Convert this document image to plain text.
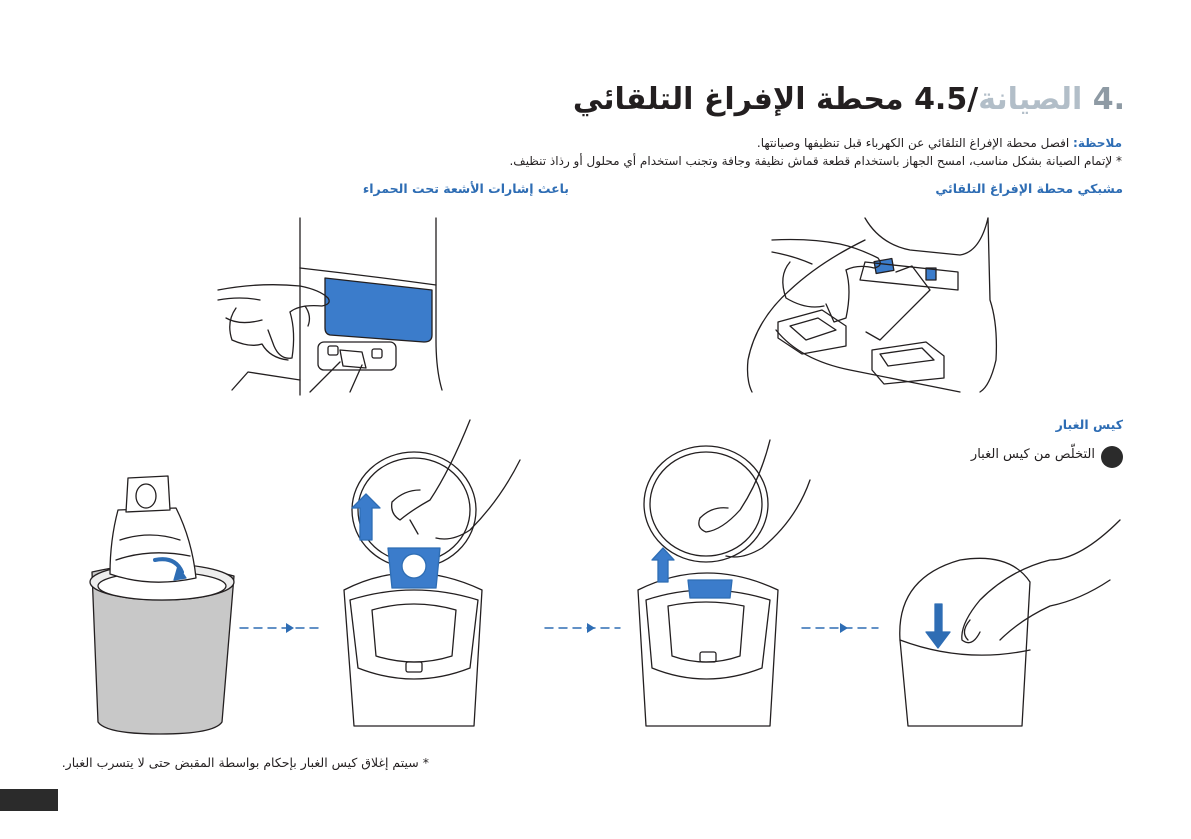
.4 الصيانة/4.5 محطة الإفراغ التلقائي
ملاحظة: افصل محطة الإفراغ التلقائي عن الكهرباء قبل تنظيفها وصيانتها.
* لإتمام الصيانة بشكل مناسب، امسح الجهاز باستخدام قطعة قماش نظيفة وجافة وتجنب استخدام أي محلول أو رذاذ تنظيف.
مشبكي محطة الإفراغ التلقائي
باعث إشارات الأشعة تحت الحمراء
كيس الغبار
التخلّص من كيس الغبار
* سيتم إغلاق كيس الغبار بإحكام بواسطة المقبض حتى لا يتسرب الغبار.
